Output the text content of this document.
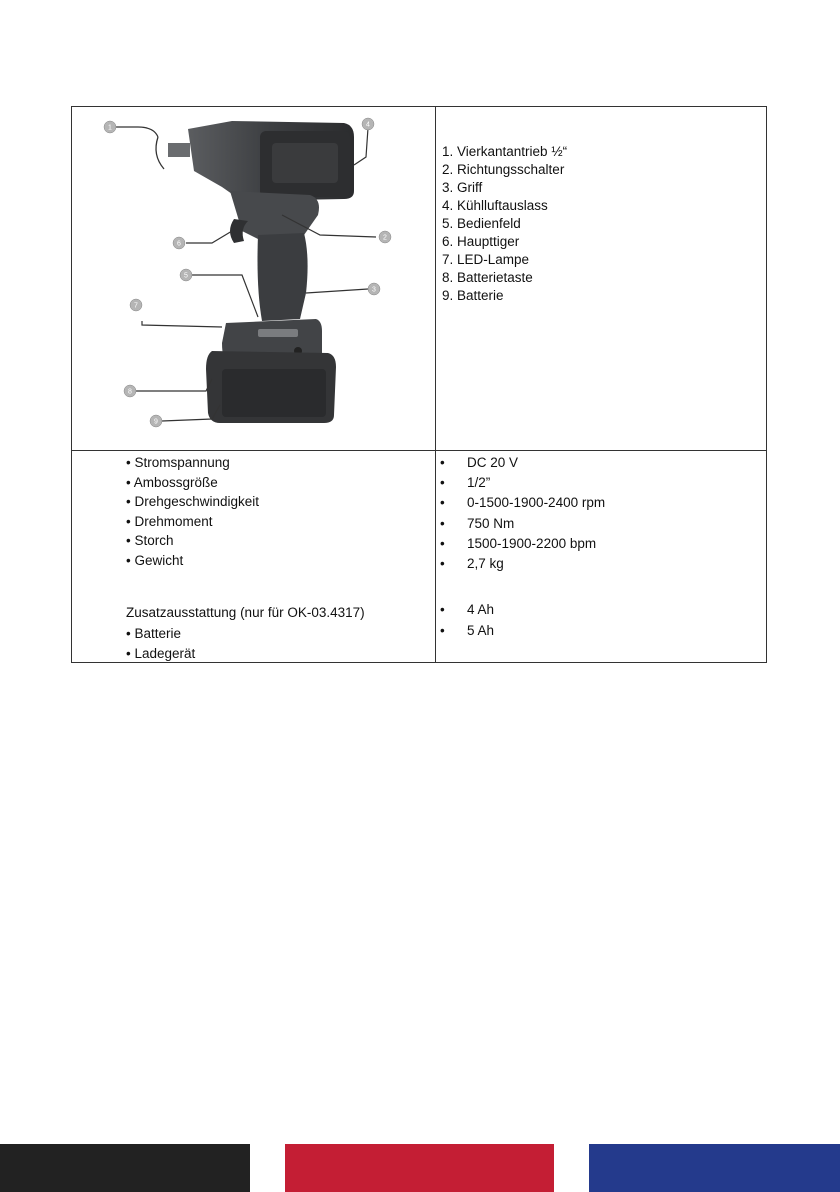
1
2
3
4
5
6
7
8
9
1. Vierkantantrieb ½“
2. Richtungsschalter
3. Griff
4. Kühlluftauslass
5. Bedienfeld
6. Haupttiger
7. LED-Lampe
8. Batterietaste
9. Batterie
• Stromspannung
• Ambossgröße
• Drehgeschwindigkeit
• Drehmoment
• Storch
• Gewicht
Zusatzausstattung (nur für OK-03.4317)
• Batterie
• Ladegerät
• DC 20 V
• 1/2”
• 0-1500-1900-2400 rpm
• 750 Nm
• 1500-1900-2200 bpm
• 2,7 kg
• 4 Ah
• 5 Ah
